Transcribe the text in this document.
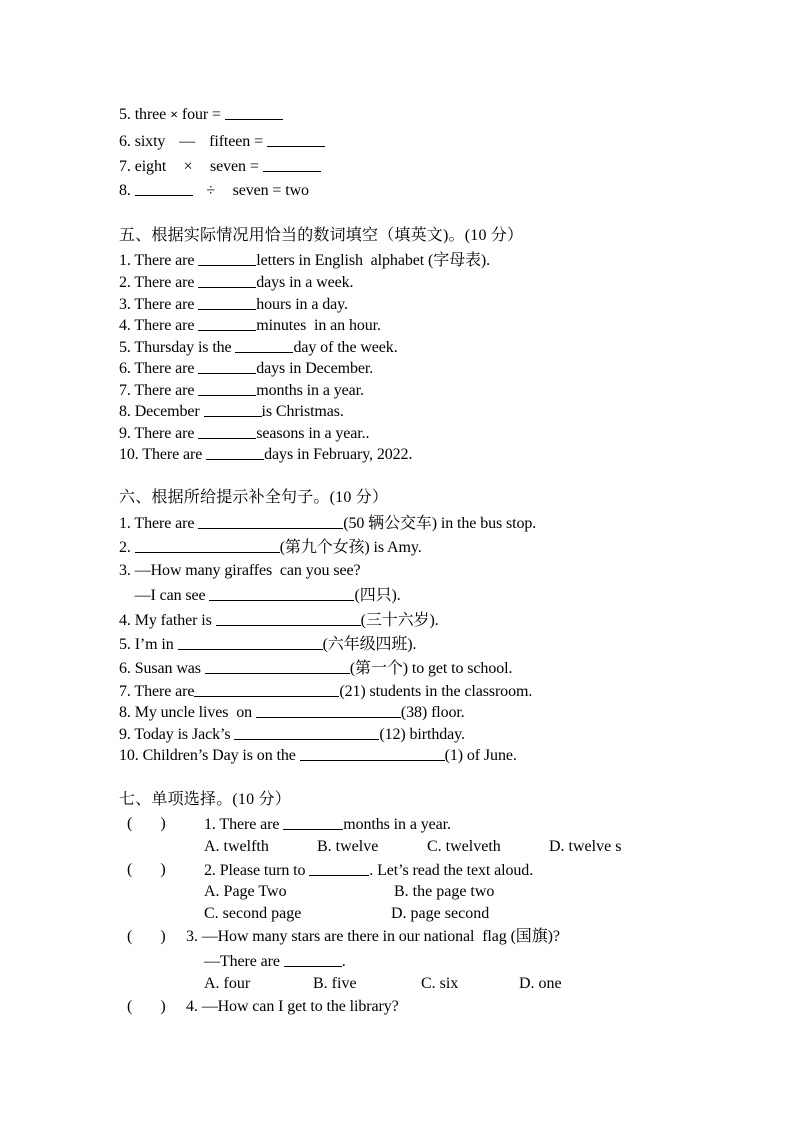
5. three × four =
6. sixty — fifteen =
7. eight × seven =
8.	÷ seven = two
五、根据实际情况用恰当的数词填空（填英文)。(10 分）
1. There are	letters in English  alphabet (字母表).
2. There are	days in a week.
3. There are	hours in a day.
4. There are	minutes  in an hour.
5. Thursday is the	day of the week.
6. There are	days in December.
7. There are	months in a year.
8. December	is Christmas.
9. There are	seasons in a year..
10. There are	days in February, 2022.
六、根据所给提示补全句子。(10 分）
1. There are	(50 辆公交车) in the bus stop.
2.	(第九个女孩) is Amy.
3. —How many giraffes  can you see?
—I can see	(四只).
4. My father is	(三十六岁).
5. I’m in	(六年级四班).
6. Susan was	(第一个) to get to school.
7. There are	(21) students in the classroom.
8. My uncle lives  on	(38) floor.
9. Today is Jack’s	(12) birthday.
10. Children’s Day is on the	(1) of June.
七、单项选择。(10 分）
(       ) 1. There are	months in a year.
A. twelfth	B. twelve	C. twelveth	D. twelve s
(       ) 2. Please turn to	. Let’s read the text aloud.
A. Page Two	B. the page two
C. second page	D. page second
(       ) 3. —How many stars are there in our national  flag (国旗)?
—There are	.
A. four	B. five	C. six	D. one
(       ) 4. —How can I get to the library?
